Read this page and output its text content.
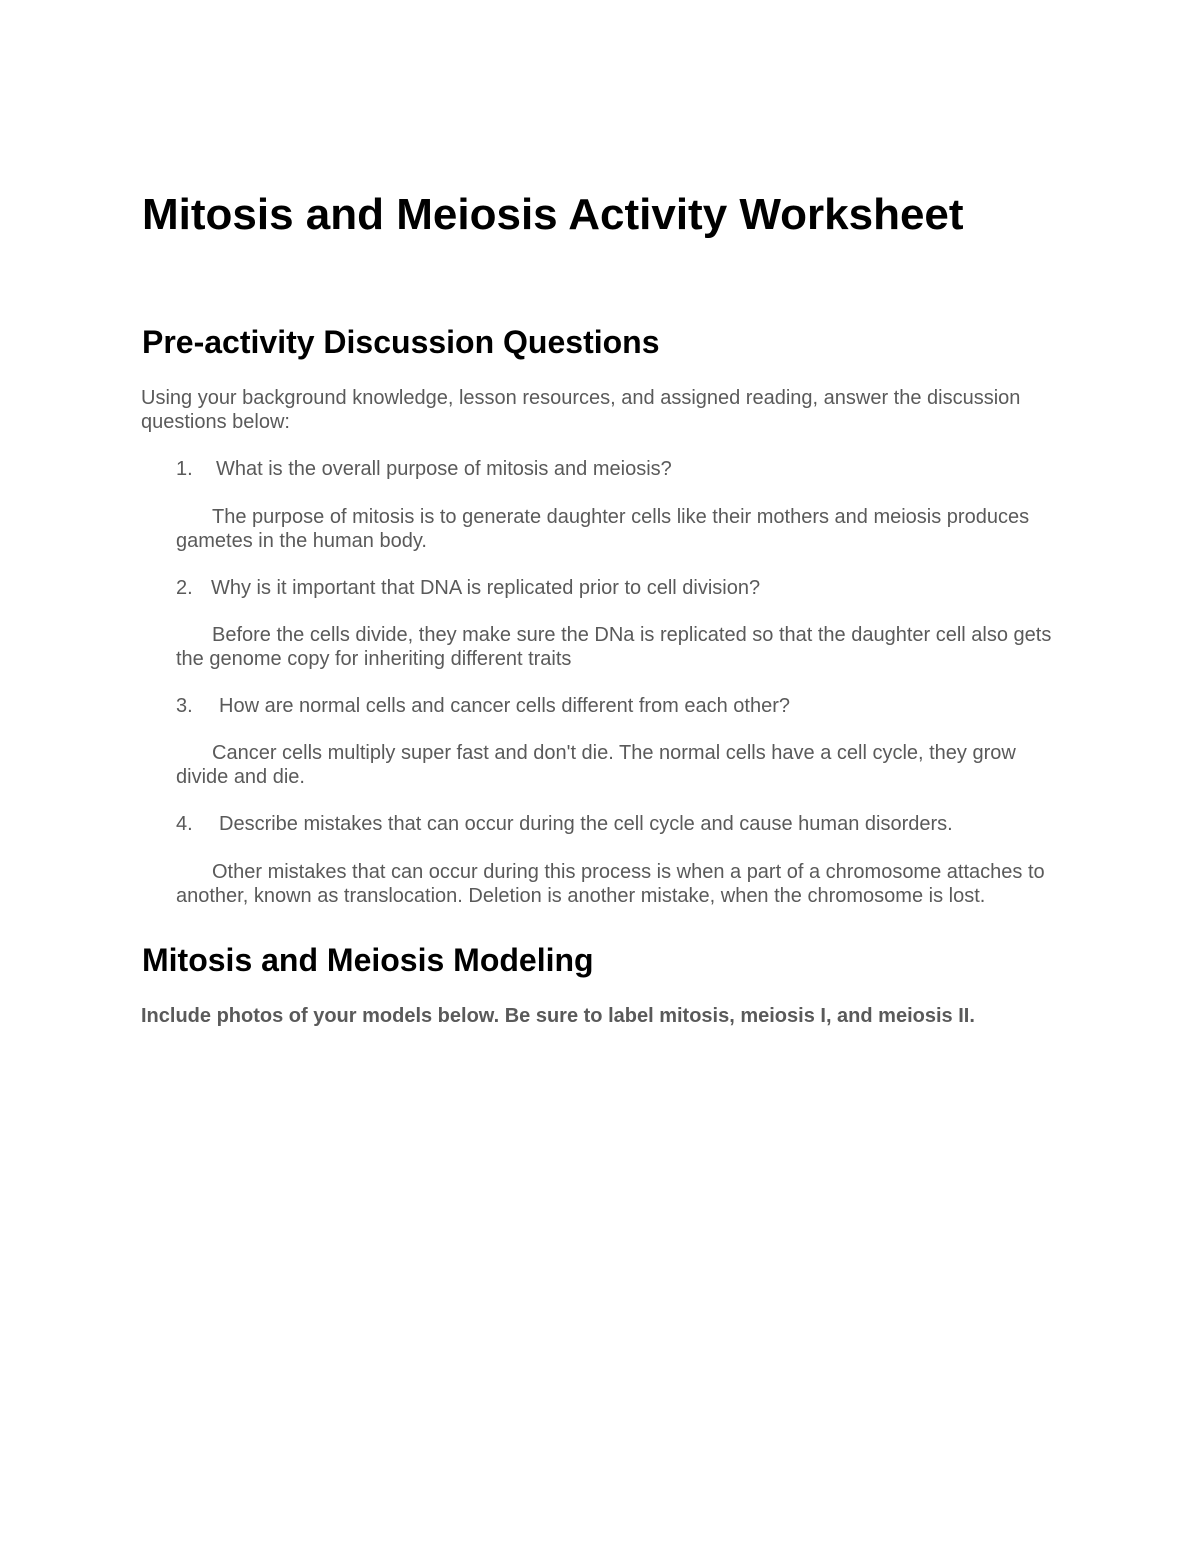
Mitosis and Meiosis Activity Worksheet
Pre-activity Discussion Questions

Using your background knowledge, lesson resources, and assigned reading, answer the discussion questions below:

1. What is the overall purpose of mitosis and meiosis?

The purpose of mitosis is to generate daughter cells like their mothers and meiosis produces gametes in the human body.

2. Why is it important that DNA is replicated prior to cell division?

Before the cells divide, they make sure the DNa is replicated so that the daughter cell also gets the genome copy for inheriting different traits

3. How are normal cells and cancer cells different from each other?

Cancer cells multiply super fast and don't die. The normal cells have a cell cycle, they grow divide and die.

4. Describe mistakes that can occur during the cell cycle and cause human disorders.

Other mistakes that can occur during this process is when a part of a chromosome attaches to another, known as translocation. Deletion is another mistake, when the chromosome is lost.

Mitosis and Meiosis Modeling

Include photos of your models below. Be sure to label mitosis, meiosis I, and meiosis II.
